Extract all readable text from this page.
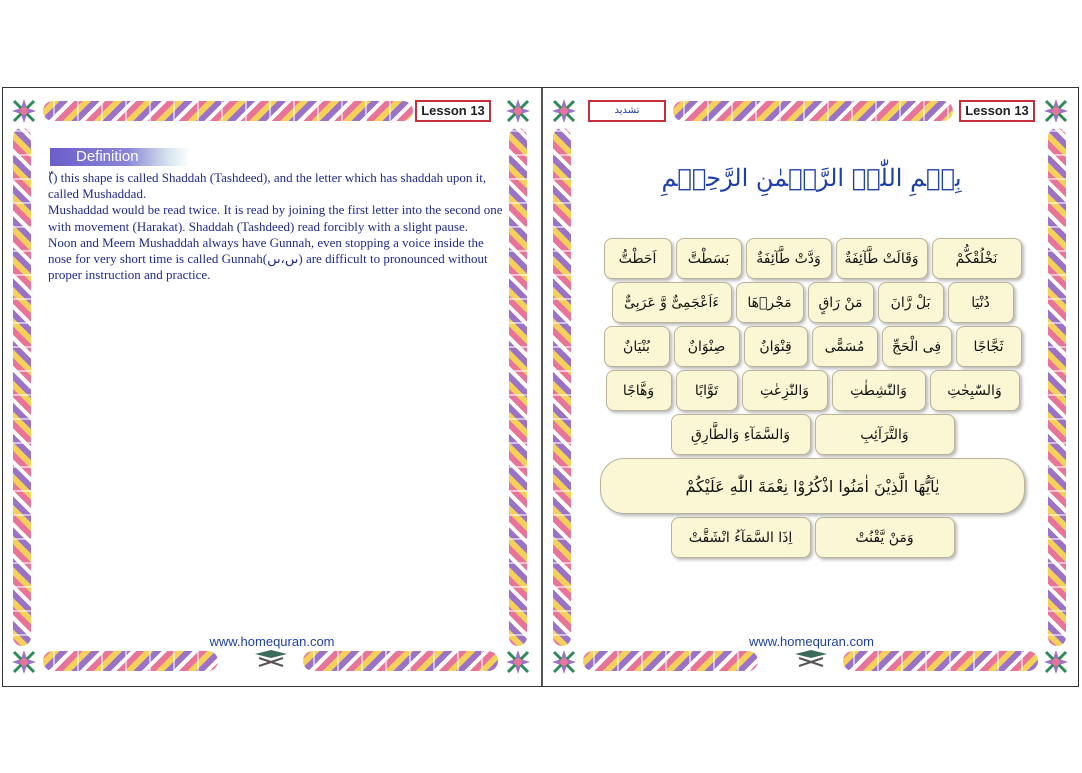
Lesson 13
Definition

(ّ) this shape is called Shaddah (Tashdeed), and the letter which has shaddah upon it, called Mushaddad.

Mushaddad would be read twice. It is read by joining the first letter into the second one with movement (Harakat). Shaddah (Tashdeed) read forcibly with a slight pause.

Noon and Meem Mushaddah always have Gunnah, even stopping a voice inside the nose for very short time is called Gunnah(ںں،ںں) are difficult to pronounced without proper instruction and practice.

www.homequran.com
تشدید	Lesson 13
بِسۡمِ اللّٰہِ الرَّحۡمٰنِ الرَّحِیۡمِ
اَحَطْتُّ	بَسَطْتَّ	وَدَّتْ طَّآئِفَةٌ	وَقَالَتْ طَّآئِفَةٌ	نَخْلُقْكُّمْ
ءَاَعْجَمِیٌّ وَّ عَرَبِیٌّ	مَجْرٖهَا	مَنْ رَاقٍ	بَلْ رَّانَ	دُنْيَا
بُنْيَانٌ	صِنْوَانٌ	قِنْوَانٌ	مُسَمًّى	فِی الْحَجِّ	ثَجَّاجًا
وَهَّاجًا	تَوَّابًا	وَالنّٰزِعٰتِ	وَالنّٰشِطٰتِ	وَالسّٰبِحٰتِ
وَالسَّمَآءِ وَالطَّارِقِ	وَالتَّرَآئِبِ
يٰاَيُّهَا الَّذِيْنَ اٰمَنُوا اذْكُرُوْا نِعْمَةَ اللّٰهِ عَلَيْكُمْ
اِذَا السَّمَآءُ انْشَقَّتْ	وَمَنْ يَّقْنُتْ
www.homequran.com
